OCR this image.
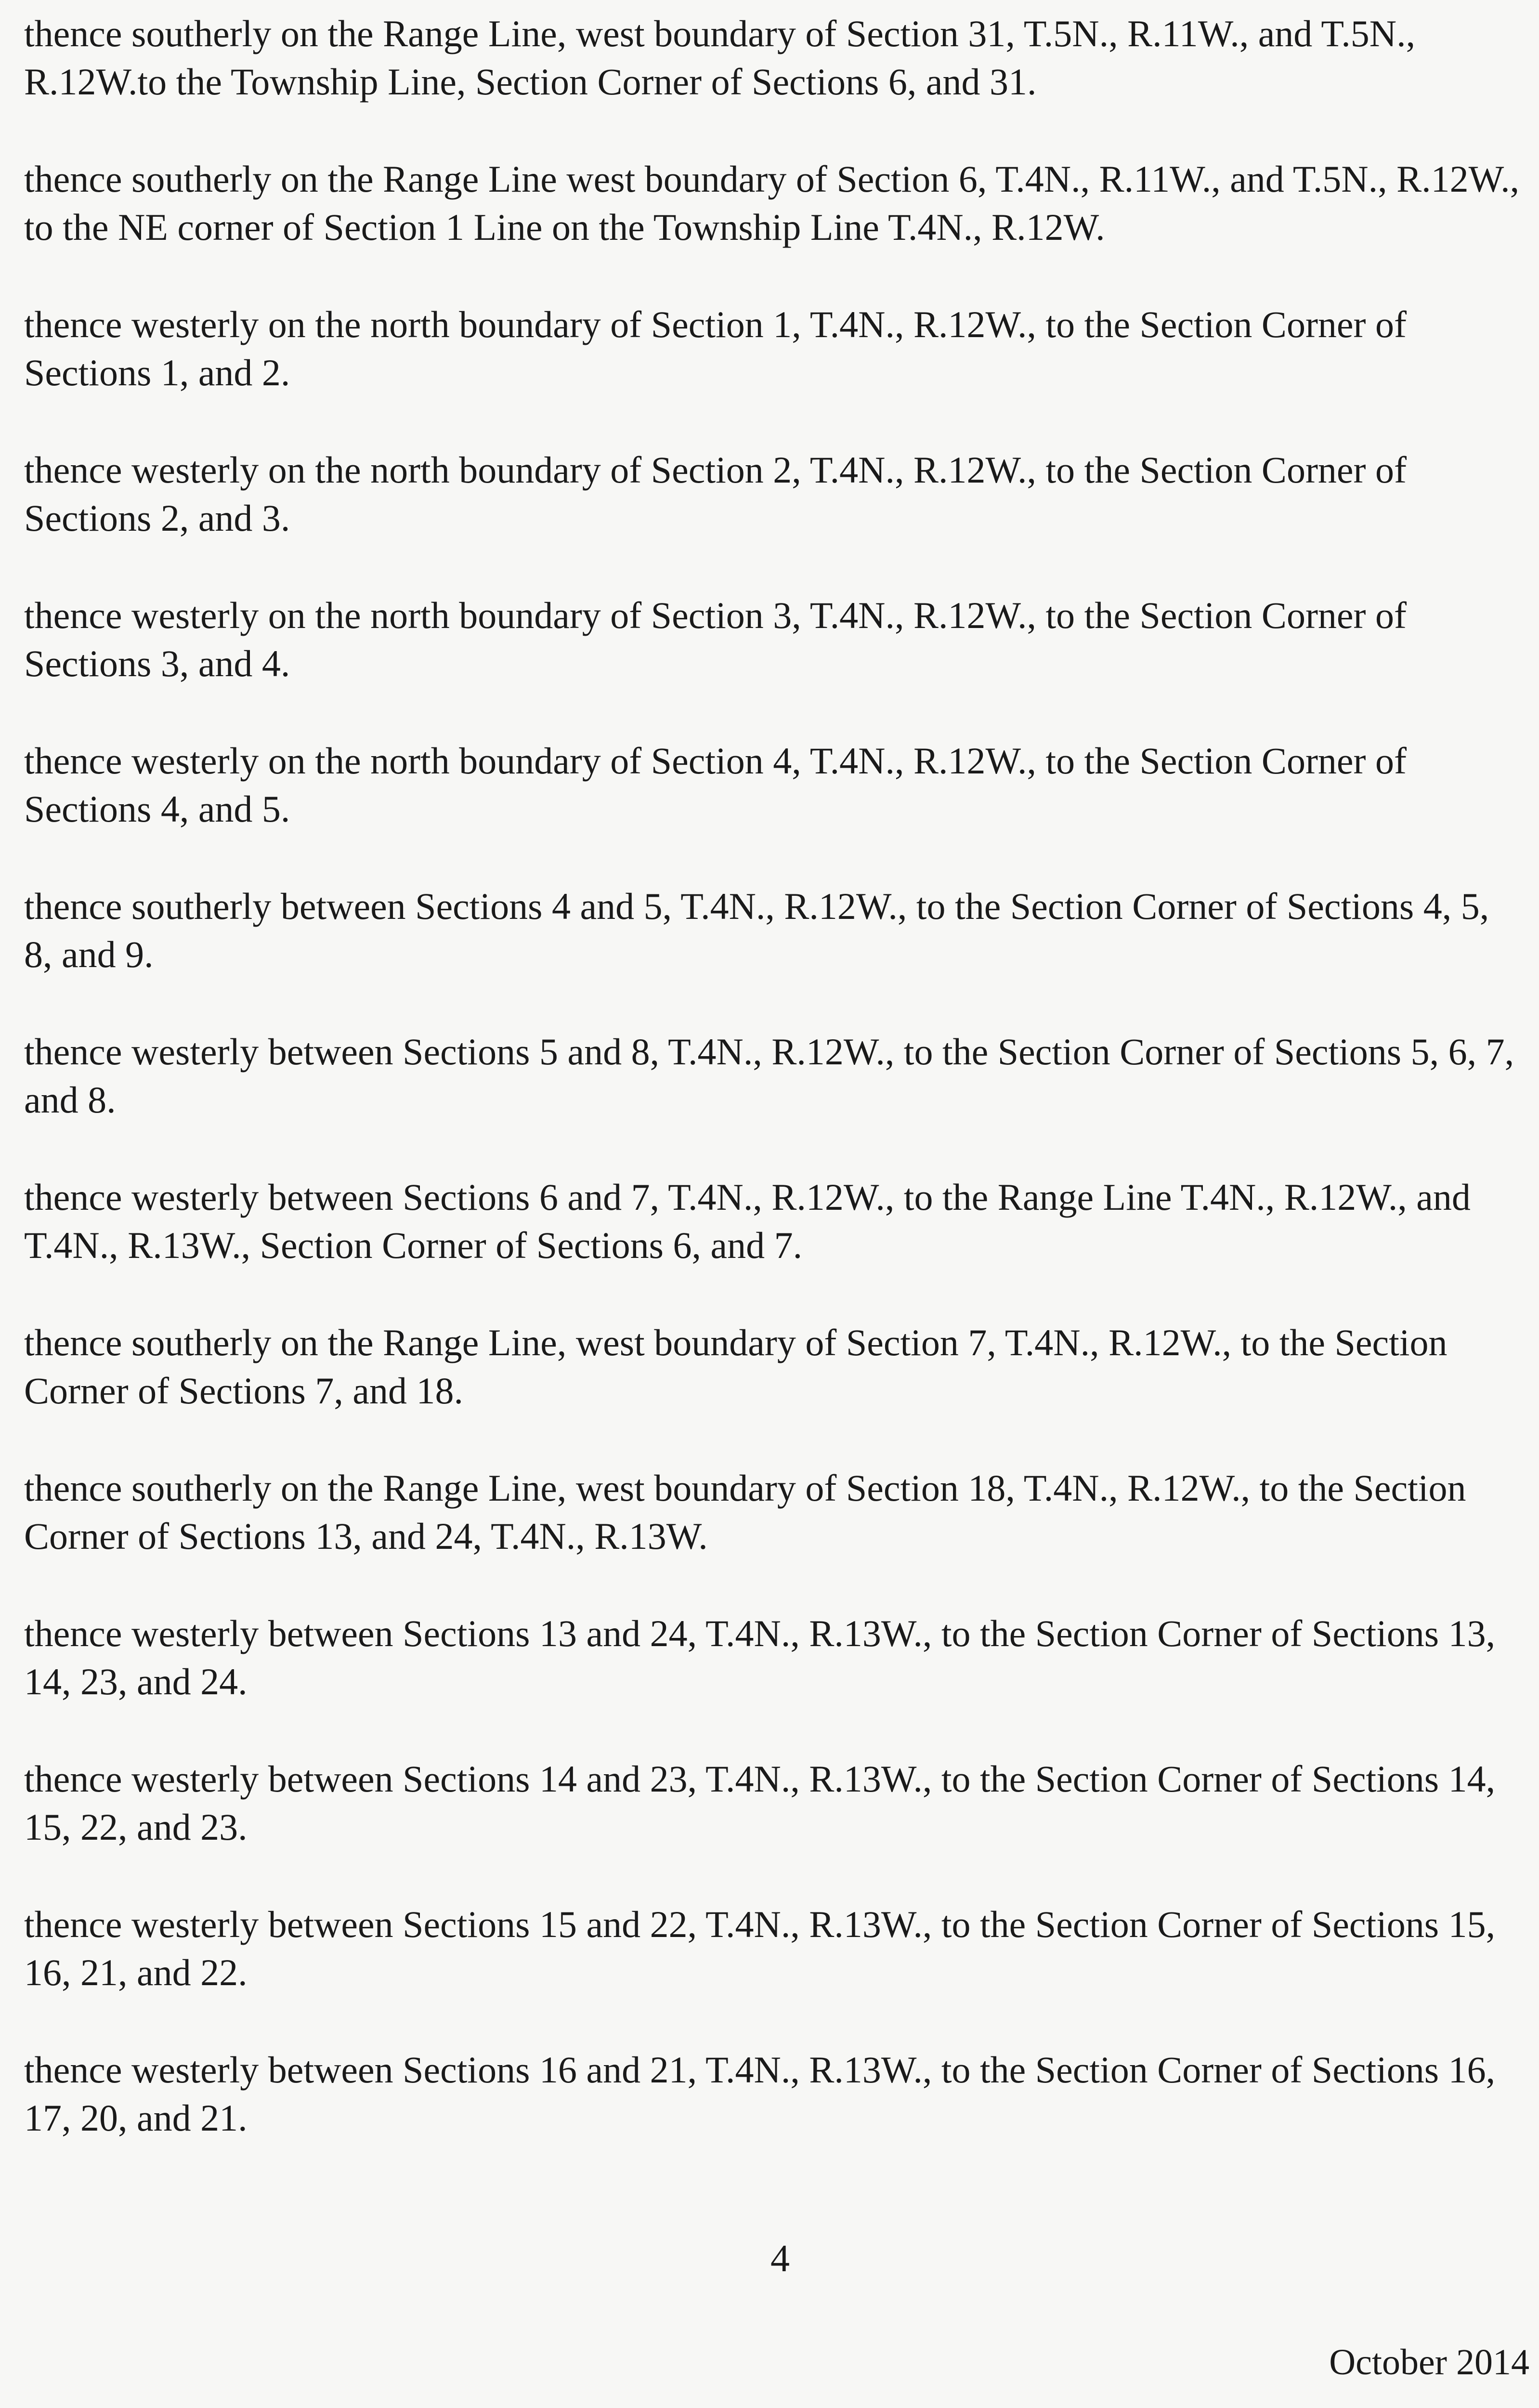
thence southerly on the Range Line, west boundary of Section 31, T.5N., R.11W., and T.5N., R.12W.to the Township Line, Section Corner of Sections 6, and 31.

thence southerly on the Range Line west boundary of Section 6, T.4N., R.11W., and T.5N., R.12W., to the NE corner of Section 1 Line on the Township Line T.4N., R.12W.

thence westerly on the north boundary of Section 1, T.4N., R.12W., to the Section Corner of Sections 1, and 2.

thence westerly on the north boundary of Section 2, T.4N., R.12W., to the Section Corner of Sections 2, and 3.

thence westerly on the north boundary of Section 3, T.4N., R.12W., to the Section Corner of Sections 3, and 4.

thence westerly on the north boundary of Section 4, T.4N., R.12W., to the Section Corner of Sections 4, and 5.

thence southerly between Sections 4 and 5, T.4N., R.12W., to the Section Corner of Sections 4, 5, 8, and 9.

thence westerly between Sections 5 and 8, T.4N., R.12W., to the Section Corner of Sections 5, 6, 7, and 8.

thence westerly between Sections 6 and 7, T.4N., R.12W., to the Range Line T.4N., R.12W., and T.4N., R.13W., Section Corner of Sections 6, and 7.

thence southerly on the Range Line, west boundary of Section 7, T.4N., R.12W., to the Section Corner of Sections 7, and 18.

thence southerly on the Range Line, west boundary of Section 18, T.4N., R.12W., to the Section Corner of Sections 13, and 24, T.4N., R.13W.

thence westerly between Sections 13 and 24, T.4N., R.13W., to the Section Corner of Sections 13, 14, 23, and 24.

thence westerly between Sections 14 and 23, T.4N., R.13W., to the Section Corner of Sections 14, 15, 22, and 23.

thence westerly between Sections 15 and 22, T.4N., R.13W., to the Section Corner of Sections 15, 16, 21, and 22.

thence westerly between Sections 16 and 21, T.4N., R.13W., to the Section Corner of Sections 16, 17, 20, and 21.

4
October 2014
